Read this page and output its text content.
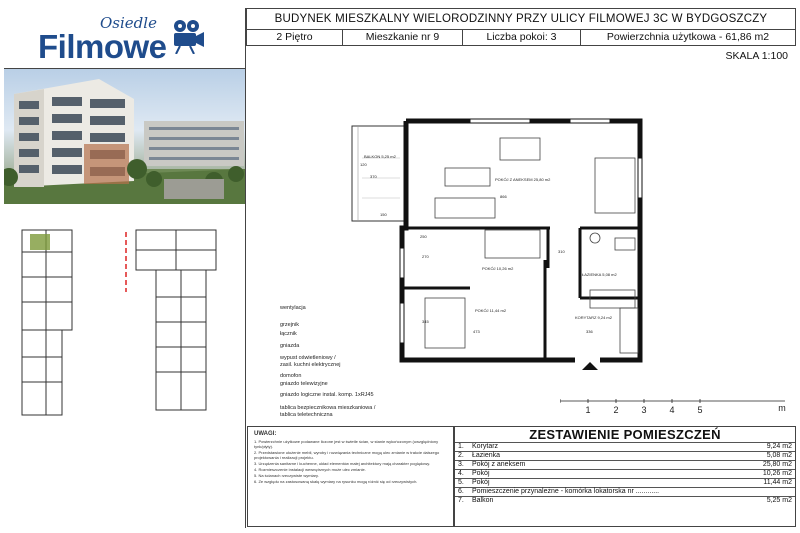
Osiedle
Filmowe
BUDYNEK MIESZKALNY WIELORODZINNY PRZY ULICY FILMOWEJ 3C W BYDGOSZCZY
2 Piętro	Mieszkanie nr 9	Liczba pokoi: 3	Powierzchnia użytkowa - 61,86 m2
SKALA 1:100
BALKON 5,25 m2
POKÓJ Z ANEKSEM 25,80 m2
POKÓJ 10,26 m2
POKÓJ 11,44 m2
ŁAZIENKA 5,08 m2
KORYTARZ 9,24 m2
120
370
150
866
270
310
345
473	336
250
wentylacja
grzejnik
łącznik
gniazda
wypust oświetleniowy /
zasil. kuchni elektrycznej
domofon
gniazdo telewizyjne
gniazdo logiczne instal. komp. 1xRJ45
tablica bezpiecznikowa mieszkaniowa /
tablica teletechniczna	1	2	3	4	5	m
UWAGI:
1. Powierzchnie użytkowe podawane liczone jest w świetle ścian, w stanie wykończonym (uwzględniony tynk/płyty).
2. Przedstawione ułożenie mebli, wyroby i rozwiązania techniczne mogą ulec zmianie w trakcie dalszego projektowania i realizacji projektu.
3. Urządzenia sanitarne i kuchenne, układ elementów małej architektury mają charakter poglądowy.
4. Rozmieszczenie instalacji wewnętrznych może ulec zmianie.
5. Na ścianach rzeczywiste wymiary.
6. Ze względu na zastosowaną skalę wymiary na rysunku mogą różnić się od rzeczywistych.
ZESTAWIENIE POMIESZCZEŃ
1.	Korytarz	9,24 m2
2.	Łazienka	5,08 m2
3.	Pokój z aneksem	25,80 m2
4.	Pokój	10,26 m2
5.	Pokój	11,44 m2
6.	Pomieszczenie przynależne - komórka lokatorska nr ............	
7.	Balkon	5,25 m2
